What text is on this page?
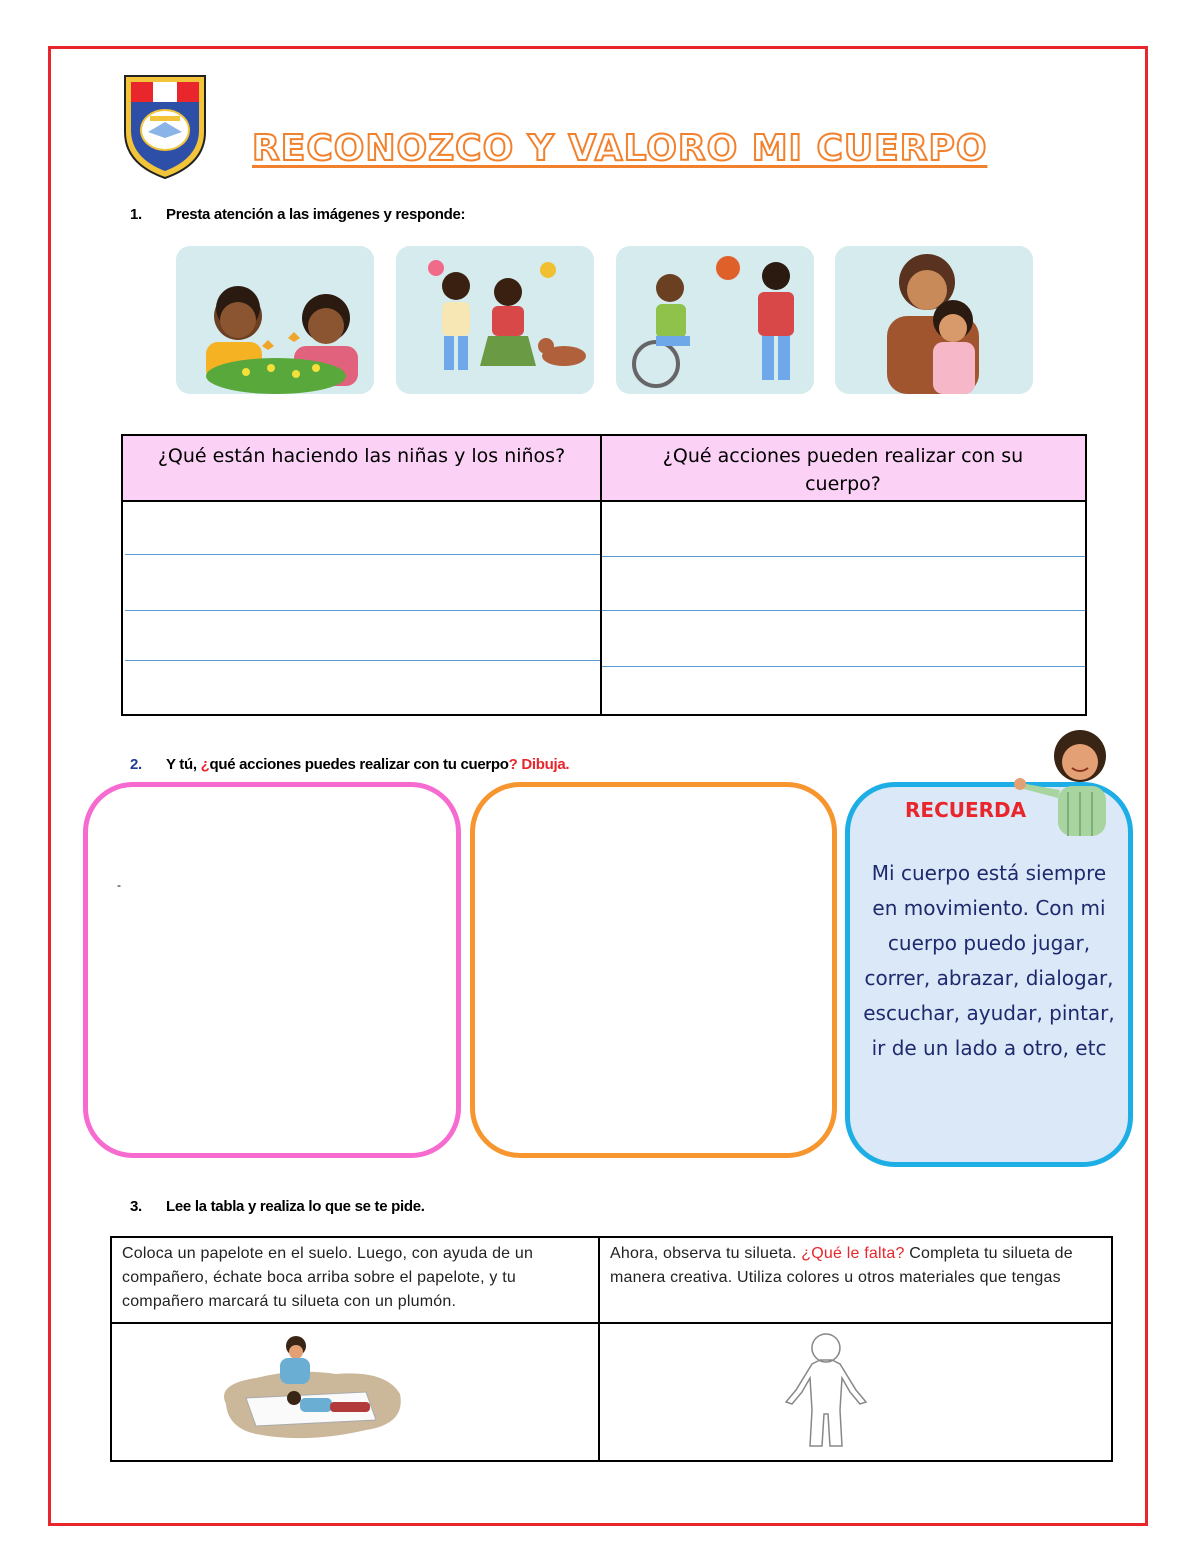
RECONOZCO Y VALORO MI CUERPO
1. Presta atención a las imágenes y responde:
¿Qué están haciendo las niñas y los niños?	¿Qué acciones pueden realizar con su cuerpo?
2. Y tú, ¿qué acciones puedes realizar con tu cuerpo? Dibuja.
-
RECUERDA
Mi cuerpo está siempre en movimiento. Con mi cuerpo puedo jugar, correr, abrazar, dialogar, escuchar, ayudar, pintar, ir de un lado a otro, etc
3. Lee la tabla y realiza lo que se te pide.
Coloca un papelote en el suelo. Luego, con ayuda de un compañero, échate boca arriba sobre el papelote, y tu compañero marcará tu silueta con un plumón.
Ahora, observa tu silueta. ¿Qué le falta? Completa tu silueta de manera creativa. Utiliza colores u otros materiales que tengas
